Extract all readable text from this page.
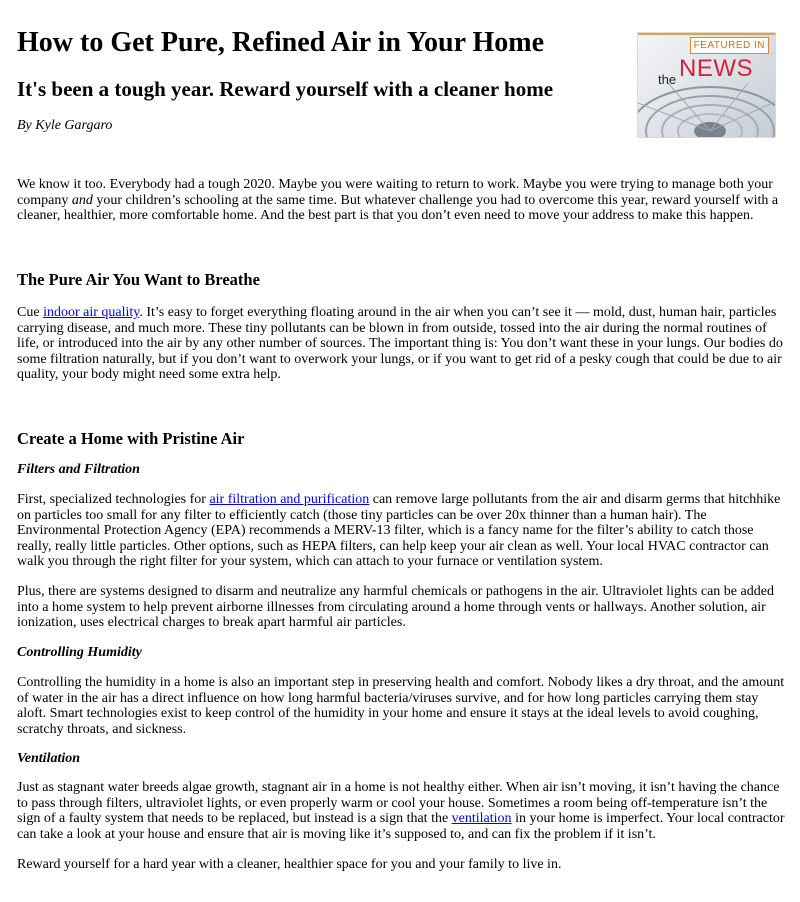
How to Get Pure, Refined Air in Your Home
It's been a tough year. Reward yourself with a cleaner home

By Kyle Gargaro

FEATURED IN
the NEWS

We know it too. Everybody had a tough 2020. Maybe you were waiting to return to work. Maybe you were trying to manage both your company and your children’s schooling at the same time. But whatever challenge you had to overcome this year, reward yourself with a cleaner, healthier, more comfortable home. And the best part is that you don’t even need to move your address to make this happen.

The Pure Air You Want to Breathe

Cue indoor air quality. It’s easy to forget everything floating around in the air when you can’t see it — mold, dust, human hair, particles carrying disease, and much more. These tiny pollutants can be blown in from outside, tossed into the air during the normal routines of life, or introduced into the air by any other number of sources. The important thing is: You don’t want these in your lungs. Our bodies do some filtration naturally, but if you don’t want to overwork your lungs, or if you want to get rid of a pesky cough that could be due to air quality, your body might need some extra help.

Create a Home with Pristine Air
Filters and Filtration

First, specialized technologies for air filtration and purification can remove large pollutants from the air and disarm germs that hitchhike on particles too small for any filter to efficiently catch (those tiny particles can be over 20x thinner than a human hair). The Environmental Protection Agency (EPA) recommends a MERV-13 filter, which is a fancy name for the filter’s ability to catch those really, really little particles. Other options, such as HEPA filters, can help keep your air clean as well. Your local HVAC contractor can walk you through the right filter for your system, which can attach to your furnace or ventilation system.

Plus, there are systems designed to disarm and neutralize any harmful chemicals or pathogens in the air. Ultraviolet lights can be added into a home system to help prevent airborne illnesses from circulating around a home through vents or hallways. Another solution, air ionization, uses electrical charges to break apart harmful air particles.

Controlling Humidity

Controlling the humidity in a home is also an important step in preserving health and comfort. Nobody likes a dry throat, and the amount of water in the air has a direct influence on how long harmful bacteria/viruses survive, and for how long particles carrying them stay aloft. Smart technologies exist to keep control of the humidity in your home and ensure it stays at the ideal levels to avoid coughing, scratchy throats, and sickness.

Ventilation

Just as stagnant water breeds algae growth, stagnant air in a home is not healthy either. When air isn’t moving, it isn’t having the chance to pass through filters, ultraviolet lights, or even properly warm or cool your house. Sometimes a room being off-temperature isn’t the sign of a faulty system that needs to be replaced, but instead is a sign that the ventilation in your home is imperfect. Your local contractor can take a look at your house and ensure that air is moving like it’s supposed to, and can fix the problem if it isn’t.

Reward yourself for a hard year with a cleaner, healthier space for you and your family to live in.
